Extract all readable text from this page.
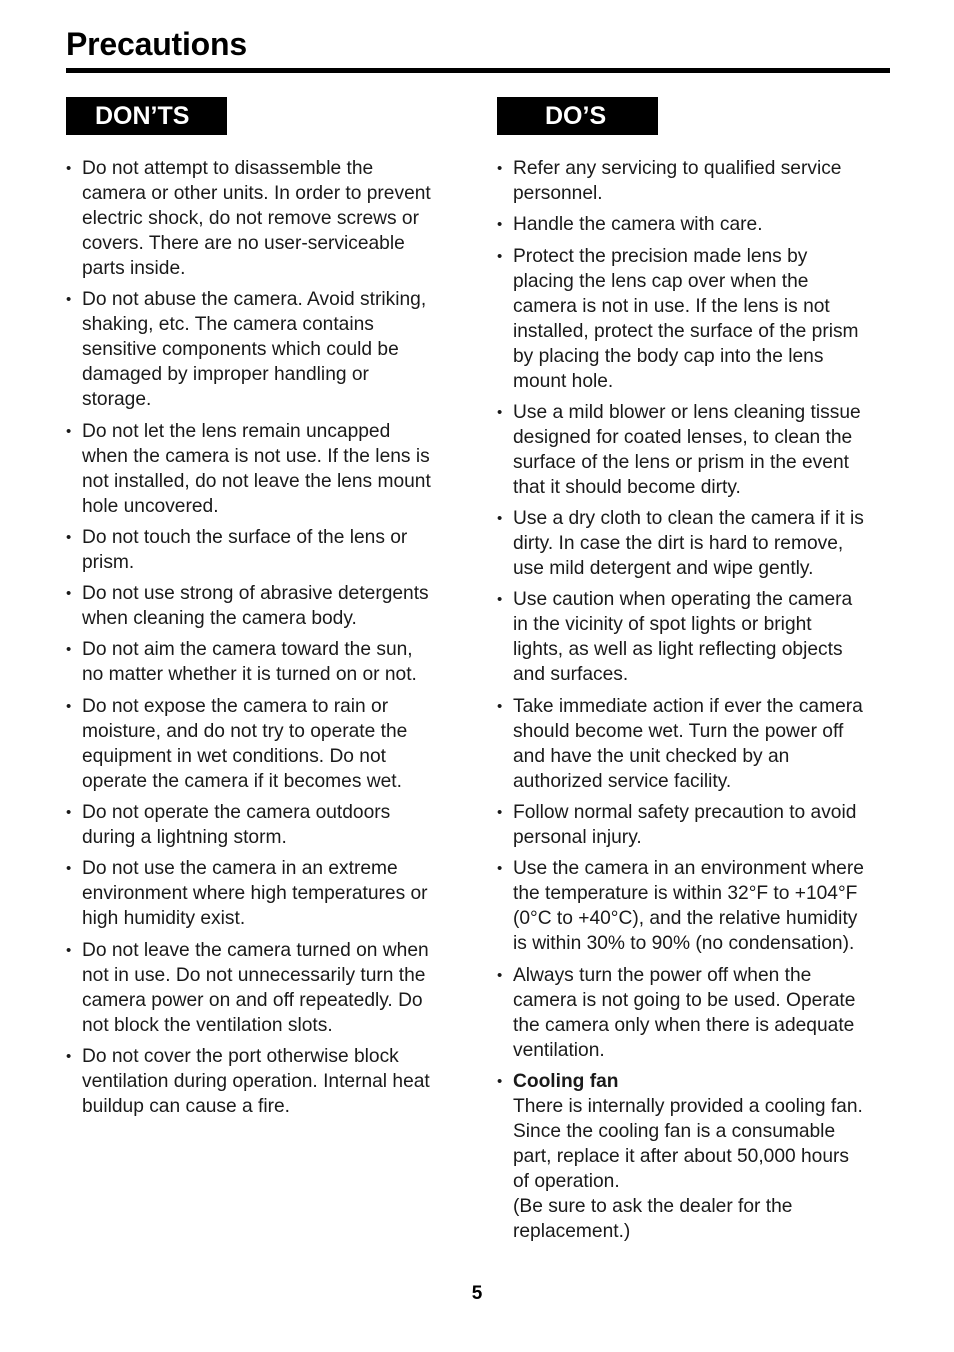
Precautions
DON’TS
• Do not attempt to disassemble the
camera or other units. In order to prevent
electric shock, do not remove screws or
covers. There are no user-serviceable
parts inside.
• Do not abuse the camera. Avoid striking,
shaking, etc. The camera contains
sensitive components which could be
damaged by improper handling or
storage.
• Do not let the lens remain uncapped
when the camera is not use. If the lens is
not installed, do not leave the lens mount
hole uncovered.
• Do not touch the surface of the lens or
prism.
• Do not use strong of abrasive detergents
when cleaning the camera body.
• Do not aim the camera toward the sun,
no matter whether it is turned on or not.
• Do not expose the camera to rain or
moisture, and do not try to operate the
equipment in wet conditions. Do not
operate the camera if it becomes wet.
• Do not operate the camera outdoors
during a lightning storm.
• Do not use the camera in an extreme
environment where high temperatures or
high humidity exist.
• Do not leave the camera turned on when
not in use. Do not unnecessarily turn the
camera power on and off repeatedly. Do
not block the ventilation slots.
• Do not cover the port otherwise block
ventilation during operation. Internal heat
buildup can cause a fire.
DO’S
• Refer any servicing to qualified service
personnel.
• Handle the camera with care.
• Protect the precision made lens by
placing the lens cap over when the
camera is not in use. If the lens is not
installed, protect the surface of the prism
by placing the body cap into the lens
mount hole.
• Use a mild blower or lens cleaning tissue
designed for coated lenses, to clean the
surface of the lens or prism in the event
that it should become dirty.
• Use a dry cloth to clean the camera if it is
dirty. In case the dirt is hard to remove,
use mild detergent and wipe gently.
• Use caution when operating the camera
in the vicinity of spot lights or bright
lights, as well as light reflecting objects
and surfaces.
• Take immediate action if ever the camera
should become wet. Turn the power off
and have the unit checked by an
authorized service facility.
• Follow normal safety precaution to avoid
personal injury.
• Use the camera in an environment where
the temperature is within 32°F to +104°F
(0°C to +40°C), and the relative humidity
is within 30% to 90% (no condensation).
• Always turn the power off when the
camera is not going to be used. Operate
the camera only when there is adequate
ventilation.
• Cooling fan
There is internally provided a cooling fan.
Since the cooling fan is a consumable
part, replace it after about 50,000 hours
of operation.
(Be sure to ask the dealer for the
replacement.)
5
